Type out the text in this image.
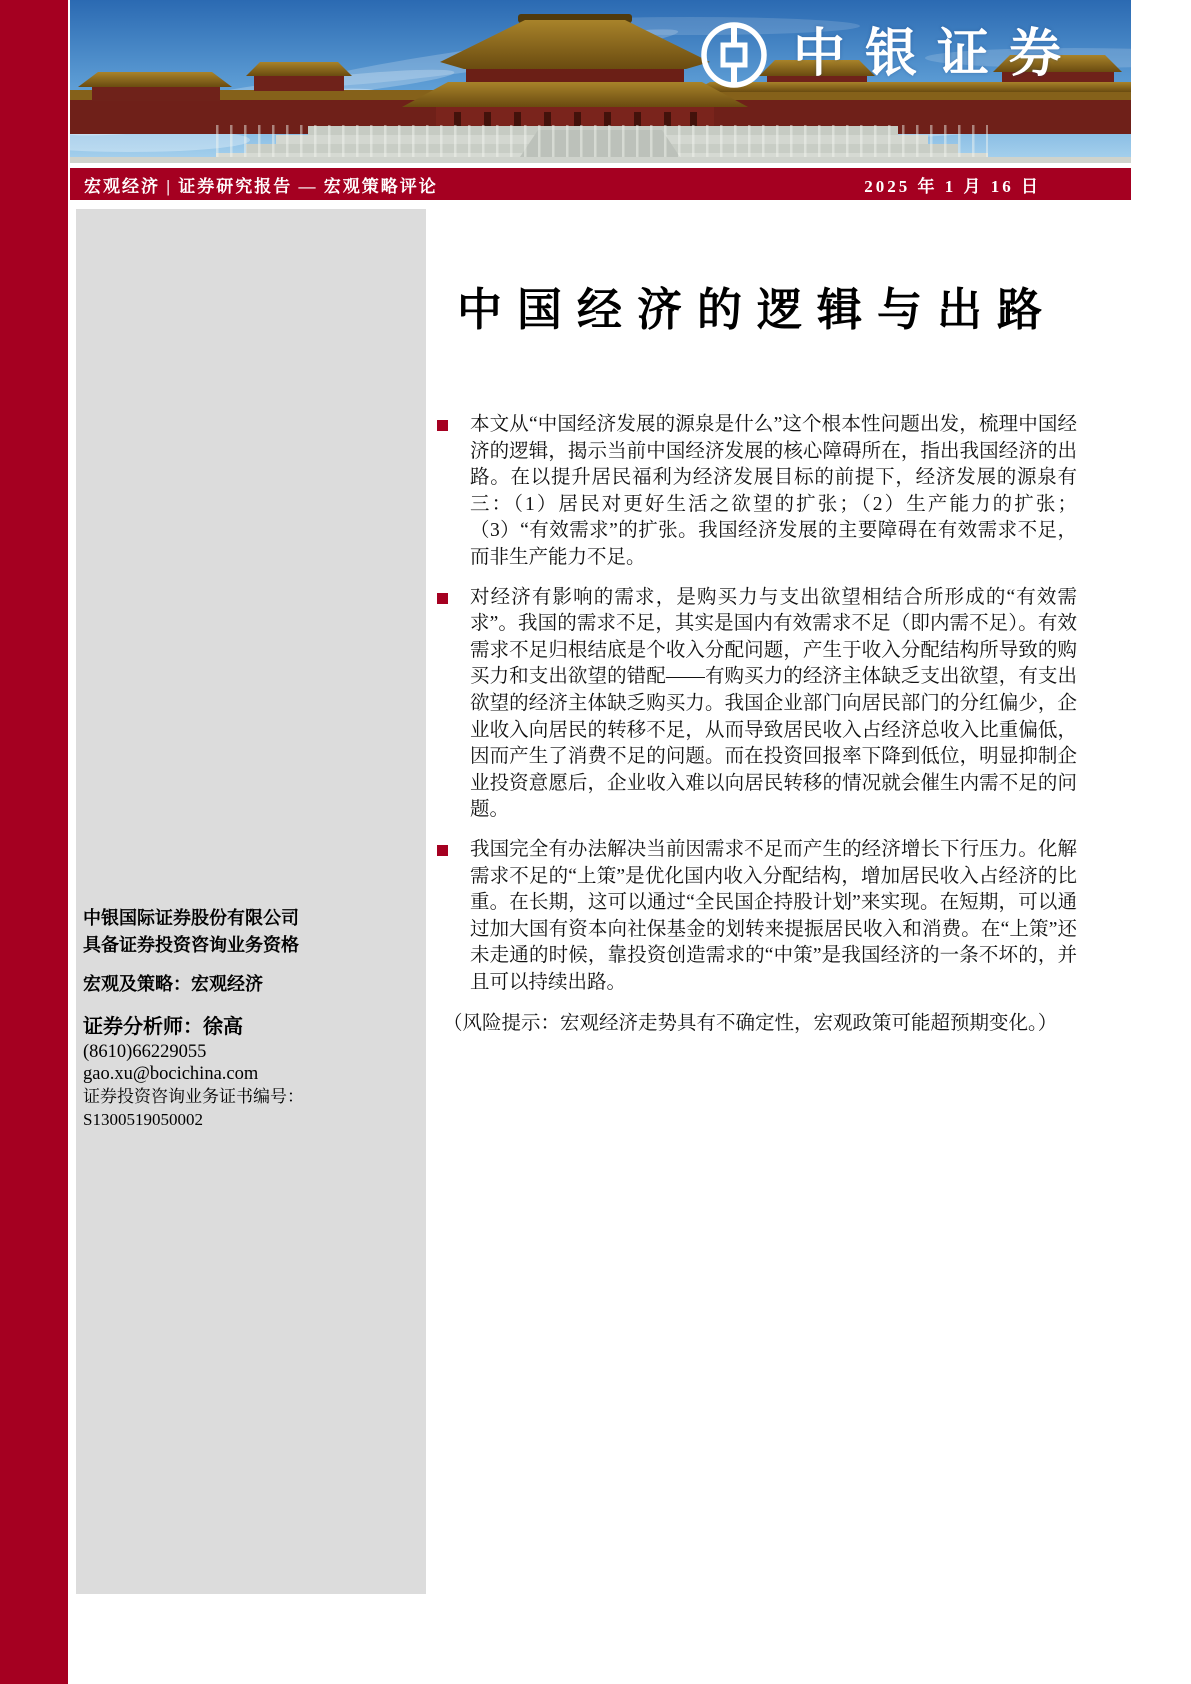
中银证券
宏观经济 | 证券研究报告 — 宏观策略评论	2025 年 1 月 16 日

中银国际证券股份有限公司

具备证券投资咨询业务资格

宏观及策略：宏观经济

证券分析师：徐高

(8610)66229055

gao.xu@bocichina.com

证券投资咨询业务证书编号：S1300519050002

中国经济的逻辑与出路
本文从“中国经济发展的源泉是什么”这个根本性问题出发，梳理中国经济的逻辑，揭示当前中国经济发展的核心障碍所在，指出我国经济的出路。在以提升居民福利为经济发展目标的前提下，经济发展的源泉有三：（1）居民对更好生活之欲望的扩张；（2）生产能力的扩张；（3）“有效需求”的扩张。我国经济发展的主要障碍在有效需求不足，而非生产能力不足。
对经济有影响的需求，是购买力与支出欲望相结合所形成的“有效需求”。我国的需求不足，其实是国内有效需求不足（即内需不足）。有效需求不足归根结底是个收入分配问题，产生于收入分配结构所导致的购买力和支出欲望的错配——有购买力的经济主体缺乏支出欲望，有支出欲望的经济主体缺乏购买力。我国企业部门向居民部门的分红偏少，企业收入向居民的转移不足，从而导致居民收入占经济总收入比重偏低，因而产生了消费不足的问题。而在投资回报率下降到低位，明显抑制企业投资意愿后，企业收入难以向居民转移的情况就会催生内需不足的问题。
我国完全有办法解决当前因需求不足而产生的经济增长下行压力。化解需求不足的“上策”是优化国内收入分配结构，增加居民收入占经济的比重。在长期，这可以通过“全民国企持股计划”来实现。在短期，可以通过加大国有资本向社保基金的划转来提振居民收入和消费。在“上策”还未走通的时候，靠投资创造需求的“中策”是我国经济的一条不坏的，并且可以持续出路。

（风险提示：宏观经济走势具有不确定性，宏观政策可能超预期变化。）
